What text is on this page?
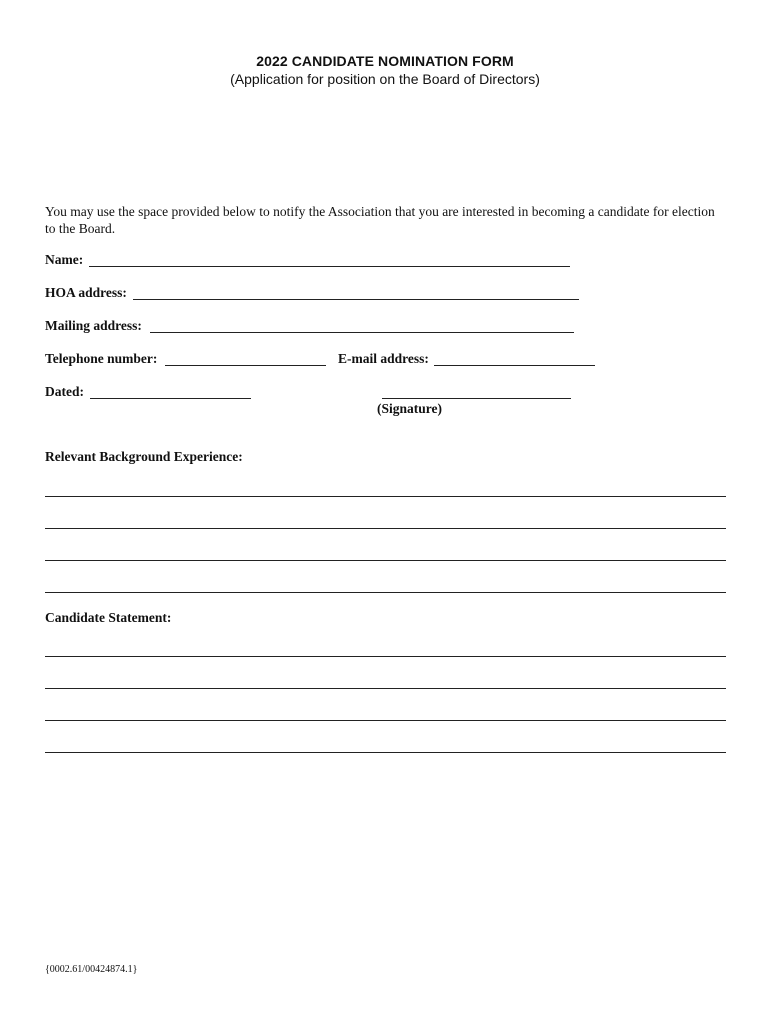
2022 CANDIDATE NOMINATION FORM
(Application for position on the Board of Directors)
You may use the space provided below to notify the Association that you are interested in becoming a candidate for election to the Board.
Name:
HOA address:
Mailing address:
Telephone number:	E-mail address:
Dated:
(Signature)
Relevant Background Experience:
Candidate Statement:
{0002.61/00424874.1}
